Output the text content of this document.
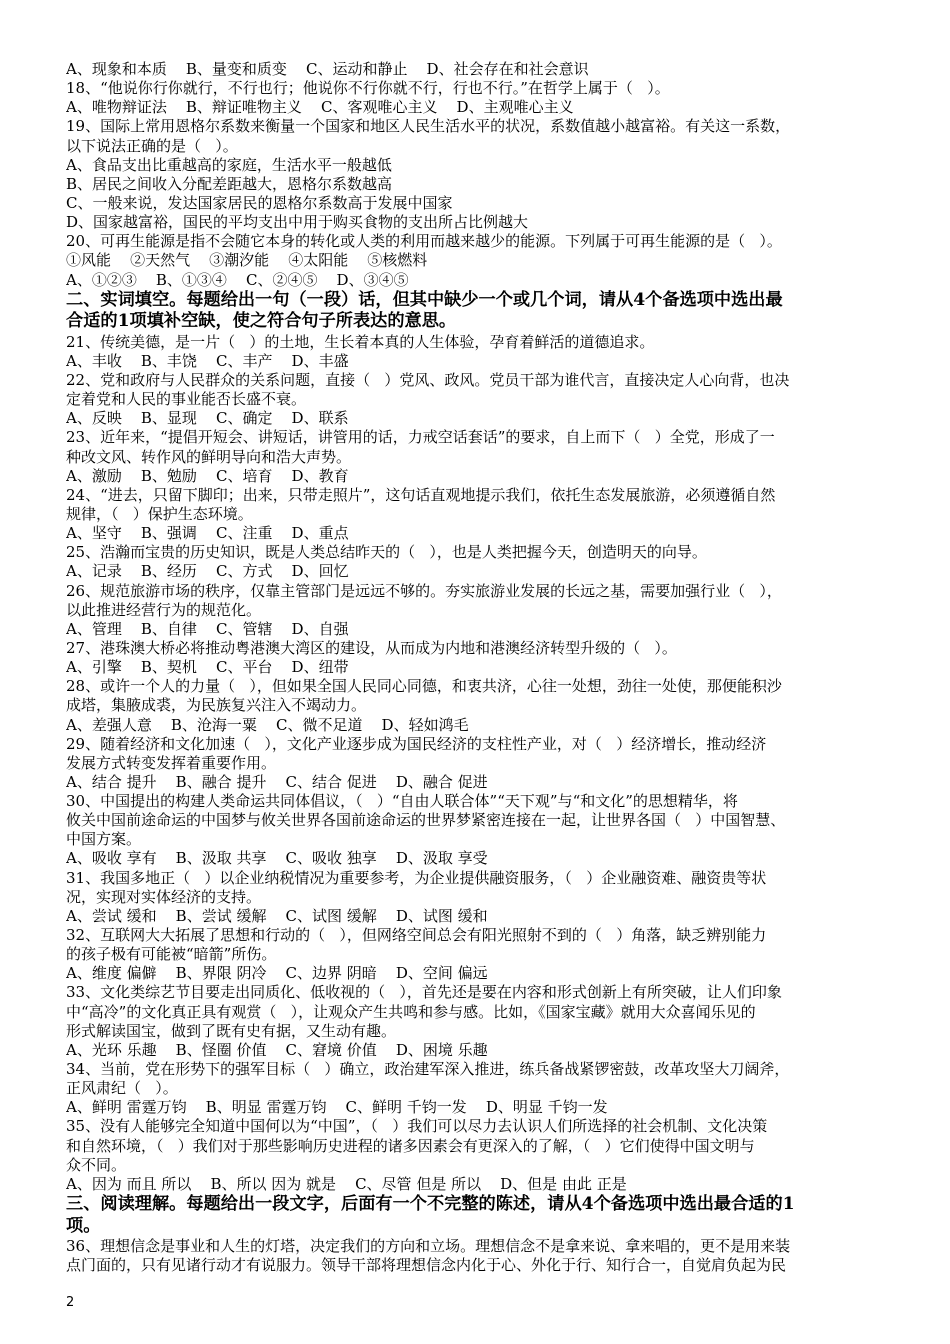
A、现象和本质    B、量变和质变    C、运动和静止    D、社会存在和社会意识
18、“他说你行你就行，不行也行；他说你不行你就不行，行也不行。”在哲学上属于（   ）。
A、唯物辩证法    B、辩证唯物主义    C、客观唯心主义    D、主观唯心主义
19、国际上常用恩格尔系数来衡量一个国家和地区人民生活水平的状况，系数值越小越富裕。有关这一系数，
以下说法正确的是（   ）。
A、食品支出比重越高的家庭，生活水平一般越低
B、居民之间收入分配差距越大，恩格尔系数越高
C、一般来说，发达国家居民的恩格尔系数高于发展中国家
D、国家越富裕，国民的平均支出中用于购买食物的支出所占比例越大
20、可再生能源是指不会随它本身的转化或人类的利用而越来越少的能源。下列属于可再生能源的是（   ）。
①风能    ②天然气    ③潮汐能    ④太阳能    ⑤核燃料
A、①②③    B、①③④    C、②④⑤    D、③④⑤
二、实词填空。每题给出一句（一段）话，但其中缺少一个或几个词，请从4个备选项中选出最
合适的1项填补空缺，使之符合句子所表达的意思。
21、传统美德，是一片（   ）的土地，生长着本真的人生体验，孕育着鲜活的道德追求。
A、丰收    B、丰饶    C、丰产    D、丰盛
22、党和政府与人民群众的关系问题，直接（   ）党风、政风。党员干部为谁代言，直接决定人心向背，也决
定着党和人民的事业能否长盛不衰。
A、反映    B、显现    C、确定    D、联系
23、近年来，“提倡开短会、讲短话，讲管用的话，力戒空话套话”的要求，自上而下（   ）全党，形成了一
种改文风、转作风的鲜明导向和浩大声势。
A、激励    B、勉励    C、培育    D、教育
24、“进去，只留下脚印；出来，只带走照片”，这句话直观地提示我们，依托生态发展旅游，必须遵循自然
规律，（   ）保护生态环境。
A、坚守    B、强调    C、注重    D、重点
25、浩瀚而宝贵的历史知识，既是人类总结昨天的（   ），也是人类把握今天，创造明天的向导。
A、记录    B、经历    C、方式    D、回忆
26、规范旅游市场的秩序，仅靠主管部门是远远不够的。夯实旅游业发展的长远之基，需要加强行业（   ），
以此推进经营行为的规范化。
A、管理    B、自律    C、管辖    D、自强
27、港珠澳大桥必将推动粤港澳大湾区的建设，从而成为内地和港澳经济转型升级的（   ）。
A、引擎    B、契机    C、平台    D、纽带
28、或许一个人的力量（   ），但如果全国人民同心同德，和衷共济，心往一处想，劲往一处使，那便能积沙
成塔，集腋成裘，为民族复兴注入不竭动力。
A、差强人意    B、沧海一粟    C、微不足道    D、轻如鸿毛
29、随着经济和文化加速（   ），文化产业逐步成为国民经济的支柱性产业，对（   ）经济增长，推动经济
发展方式转变发挥着重要作用。
A、结合 提升    B、融合 提升    C、结合 促进    D、融合 促进
30、中国提出的构建人类命运共同体倡议，（   ）“自由人联合体”“天下观”与“和文化”的思想精华，将
攸关中国前途命运的中国梦与攸关世界各国前途命运的世界梦紧密连接在一起，让世界各国（   ）中国智慧、
中国方案。
A、吸收 享有    B、汲取 共享    C、吸收 独享    D、汲取 享受
31、我国多地正（   ）以企业纳税情况为重要参考，为企业提供融资服务，（   ）企业融资难、融资贵等状
况，实现对实体经济的支持。
A、尝试 缓和    B、尝试 缓解    C、试图 缓解    D、试图 缓和
32、互联网大大拓展了思想和行动的（   ），但网络空间总会有阳光照射不到的（   ）角落，缺乏辨别能力
的孩子极有可能被“暗箭”所伤。
A、维度 偏僻    B、界限 阴冷    C、边界 阴暗    D、空间 偏远
33、文化类综艺节目要走出同质化、低收视的（   ），首先还是要在内容和形式创新上有所突破，让人们印象
中“高冷”的文化真正具有观赏（   ），让观众产生共鸣和参与感。比如，《国家宝藏》就用大众喜闻乐见的
形式解读国宝，做到了既有史有据，又生动有趣。
A、光环 乐趣    B、怪圈 价值    C、窘境 价值    D、困境 乐趣
34、当前，党在形势下的强军目标（   ）确立，政治建军深入推进，练兵备战紧锣密鼓，改革攻坚大刀阔斧，
正风肃纪（   ）。
A、鲜明 雷霆万钧    B、明显 雷霆万钧    C、鲜明 千钧一发    D、明显 千钧一发
35、没有人能够完全知道中国何以为“中国”，（   ）我们可以尽力去认识人们所选择的社会机制、文化决策
和自然环境，（   ）我们对于那些影响历史进程的诸多因素会有更深入的了解，（   ）它们使得中国文明与
众不同。
A、因为 而且 所以    B、所以 因为 就是    C、尽管 但是 所以    D、但是 由此 正是
三、阅读理解。每题给出一段文字，后面有一个不完整的陈述，请从4个备选项中选出最合适的1
项。
36、理想信念是事业和人生的灯塔，决定我们的方向和立场。理想信念不是拿来说、拿来唱的，更不是用来装
点门面的，只有见诸行动才有说服力。领导干部将理想信念内化于心、外化于行、知行合一，自觉肩负起为民
2
